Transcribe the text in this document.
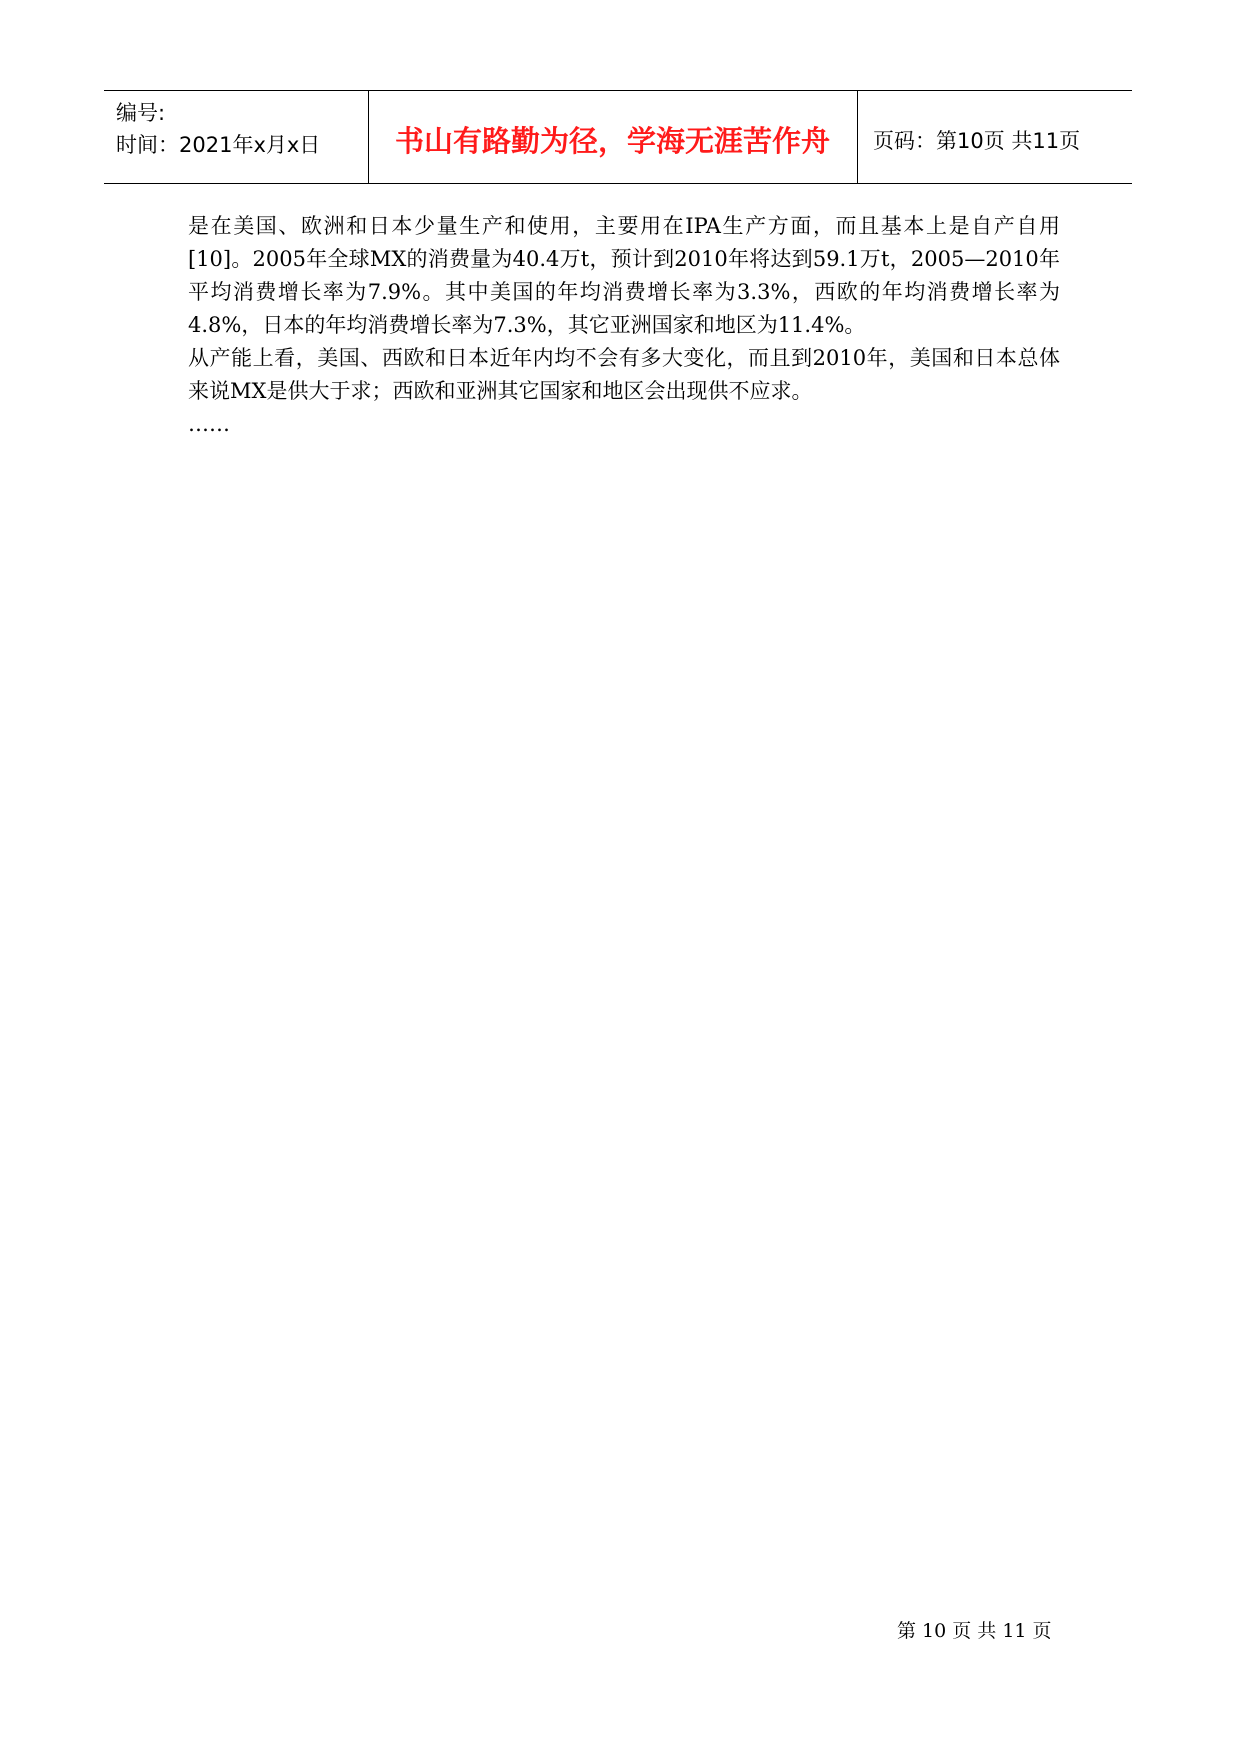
编号:
时间：2021年x月x日	书山有路勤为径，学海无涯苦作舟	页码：第10页 共11页

是在美国、欧洲和日本少量生产和使用，主要用在IPA生产方面，而且基本上是自产自用[10]。2005年全球MX的消费量为40.4万t，预计到2010年将达到59.1万t，2005—2010年平均消费增长率为7.9%。其中美国的年均消费增长率为3.3%，西欧的年均消费增长率为4.8%，日本的年均消费增长率为7.3%，其它亚洲国家和地区为11.4%。

从产能上看，美国、西欧和日本近年内均不会有多大变化，而且到2010年，美国和日本总体来说MX是供大于求；西欧和亚洲其它国家和地区会出现供不应求。

……

第 10 页 共 11 页
